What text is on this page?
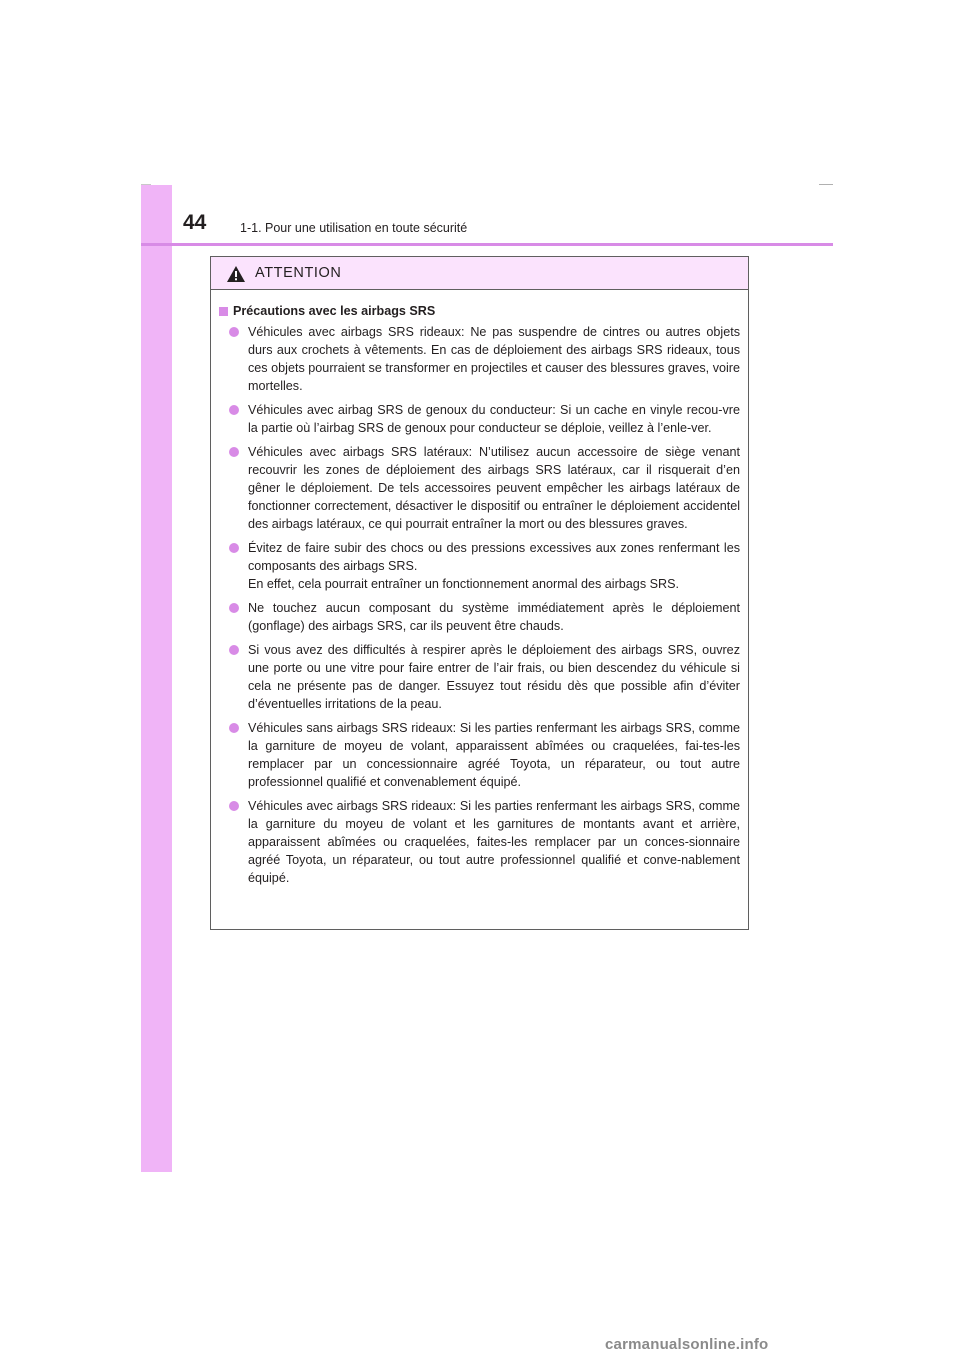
44	1-1. Pour une utilisation en toute sécurité
ATTENTION
Précautions avec les airbags SRS

Véhicules avec airbags SRS rideaux: Ne pas suspendre de cintres ou autres objets durs aux crochets à vêtements. En cas de déploiement des airbags SRS rideaux, tous ces objets pourraient se transformer en projectiles et causer des blessures graves, voire mortelles.

Véhicules avec airbag SRS de genoux du conducteur: Si un cache en vinyle recou-vre la partie où l’airbag SRS de genoux pour conducteur se déploie, veillez à l’enle-ver.

Véhicules avec airbags SRS latéraux: N’utilisez aucun accessoire de siège venant recouvrir les zones de déploiement des airbags SRS latéraux, car il risquerait d’en gêner le déploiement. De tels accessoires peuvent empêcher les airbags latéraux de fonctionner correctement, désactiver le dispositif ou entraîner le déploiement accidentel des airbags latéraux, ce qui pourrait entraîner la mort ou des blessures graves.

Évitez de faire subir des chocs ou des pressions excessives aux zones renfermant les composants des airbags SRS.

En effet, cela pourrait entraîner un fonctionnement anormal des airbags SRS.

Ne touchez aucun composant du système immédiatement après le déploiement (gonflage) des airbags SRS, car ils peuvent être chauds.

Si vous avez des difficultés à respirer après le déploiement des airbags SRS, ouvrez une porte ou une vitre pour faire entrer de l’air frais, ou bien descendez du véhicule si cela ne présente pas de danger. Essuyez tout résidu dès que possible afin d’éviter d’éventuelles irritations de la peau.

Véhicules sans airbags SRS rideaux: Si les parties renfermant les airbags SRS, comme la garniture de moyeu de volant, apparaissent abîmées ou craquelées, fai-tes-les remplacer par un concessionnaire agréé Toyota, un réparateur, ou tout autre professionnel qualifié et convenablement équipé.

Véhicules avec airbags SRS rideaux: Si les parties renfermant les airbags SRS, comme la garniture du moyeu de volant et les garnitures de montants avant et arrière, apparaissent abîmées ou craquelées, faites-les remplacer par un conces-sionnaire agréé Toyota, un réparateur, ou tout autre professionnel qualifié et conve-nablement équipé.

carmanualsonline.info
